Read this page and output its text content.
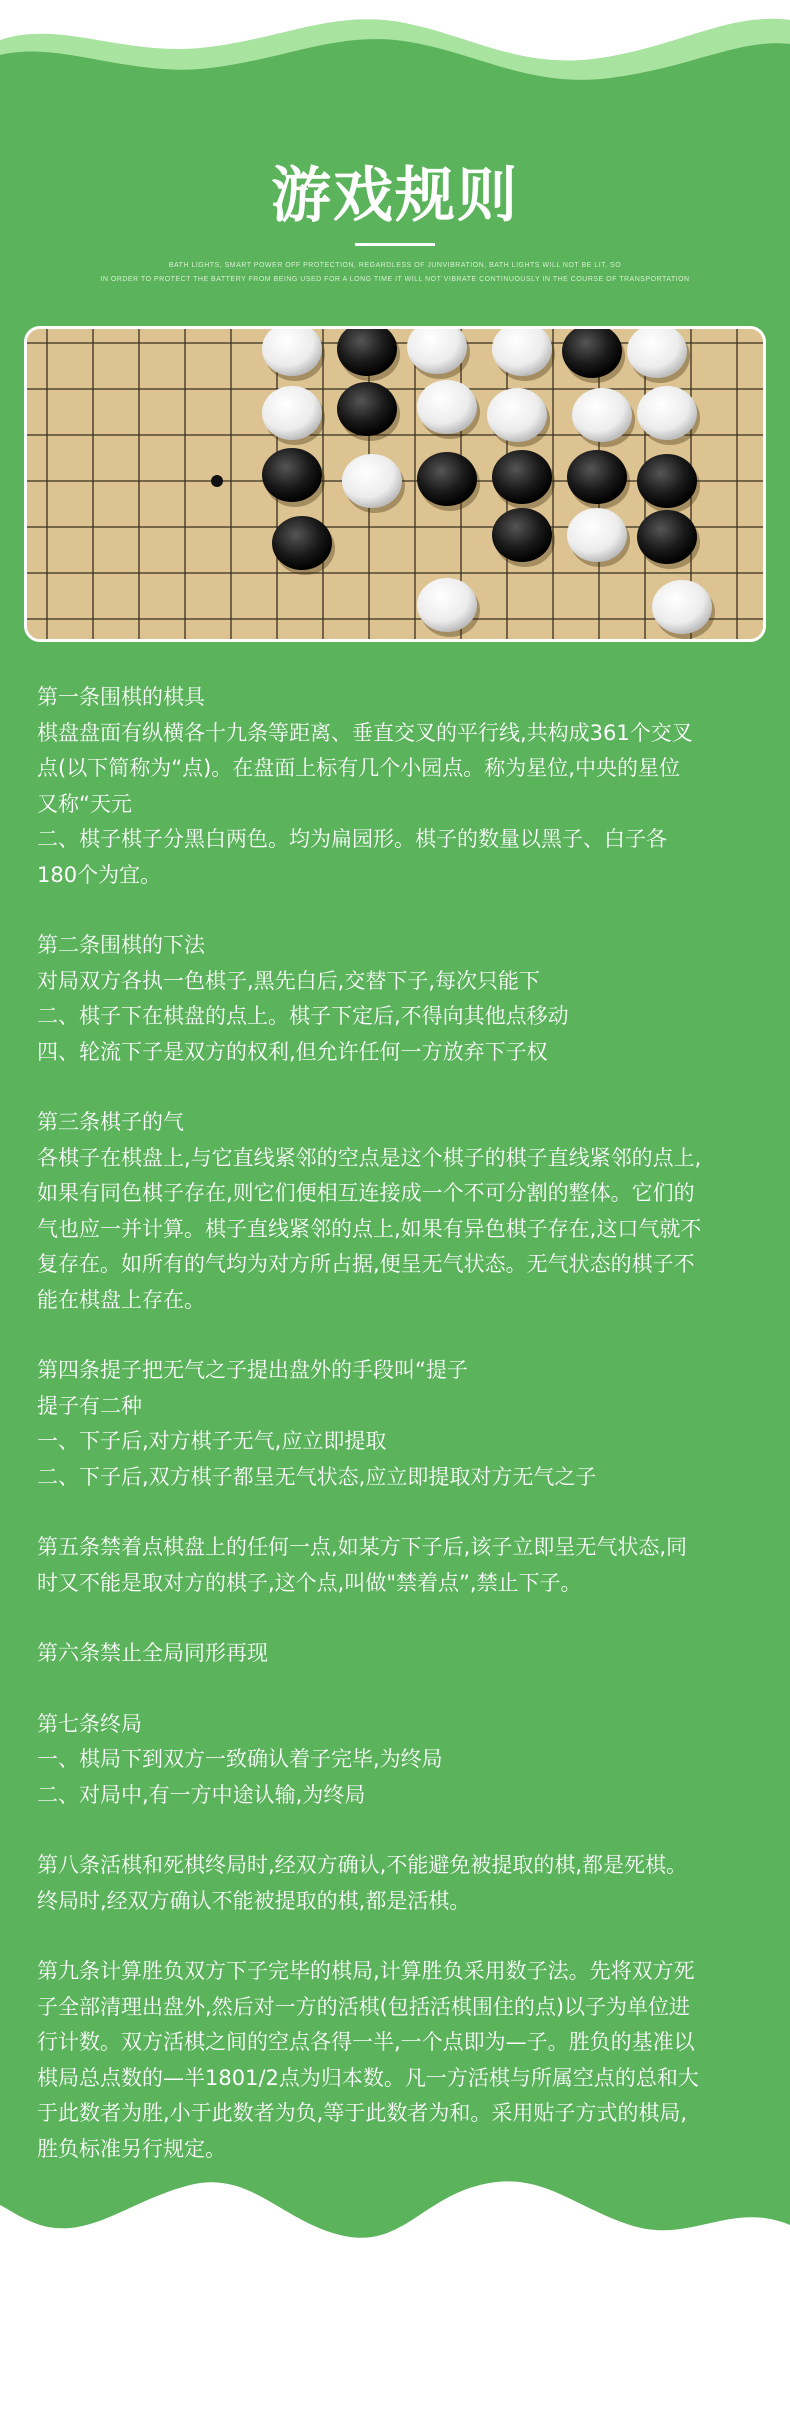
游戏规则
BATH LIGHTS, SMART POWER OFF PROTECTION, REGARDLESS OF JUNVIBRATION, BATH LIGHTS WILL NOT BE LIT, SO
IN ORDER TO PROTECT THE BATTERY FROM BEING USED FOR A LONG TIME IT WILL NOT VIBRATE CONTINUOUSLY IN THE COURSE OF TRANSPORTATION

第一条围棋的棋具

棋盘盘面有纵横各十九条等距离、垂直交叉的平行线,共构成361个交叉

点(以下简称为“点)。在盘面上标有几个小园点。称为星位,中央的星位

又称“天元

二、棋子棋子分黑白两色。均为扁园形。棋子的数量以黑子、白子各

180个为宜。

第二条围棋的下法

对局双方各执一色棋子,黑先白后,交替下子,每次只能下

二、棋子下在棋盘的点上。棋子下定后,不得向其他点移动

四、轮流下子是双方的权利,但允许任何一方放弃下子权

第三条棋子的气

各棋子在棋盘上,与它直线紧邻的空点是这个棋子的棋子直线紧邻的点上,

如果有同色棋子存在,则它们便相互连接成一个不可分割的整体。它们的

气也应一并计算。棋子直线紧邻的点上,如果有异色棋子存在,这口气就不

复存在。如所有的气均为对方所占据,便呈无气状态。无气状态的棋子不

能在棋盘上存在。

第四条提子把无气之子提出盘外的手段叫“提子

提子有二种

一、下子后,对方棋子无气,应立即提取

二、下子后,双方棋子都呈无气状态,应立即提取对方无气之子

第五条禁着点棋盘上的任何一点,如某方下子后,该子立即呈无气状态,同

时又不能是取对方的棋子,这个点,叫做"禁着点”,禁止下子。

第六条禁止全局同形再现

第七条终局

一、棋局下到双方一致确认着子完毕,为终局

二、对局中,有一方中途认输,为终局

第八条活棋和死棋终局时,经双方确认,不能避免被提取的棋,都是死棋。

终局时,经双方确认不能被提取的棋,都是活棋。

第九条计算胜负双方下子完毕的棋局,计算胜负采用数子法。先将双方死

子全部清理出盘外,然后对一方的活棋(包括活棋围住的点)以子为单位进

行计数。双方活棋之间的空点各得一半,一个点即为—子。胜负的基准以

棋局总点数的—半1801/2点为归本数。凡一方活棋与所属空点的总和大

于此数者为胜,小于此数者为负,等于此数者为和。采用贴子方式的棋局,

胜负标准另行规定。
